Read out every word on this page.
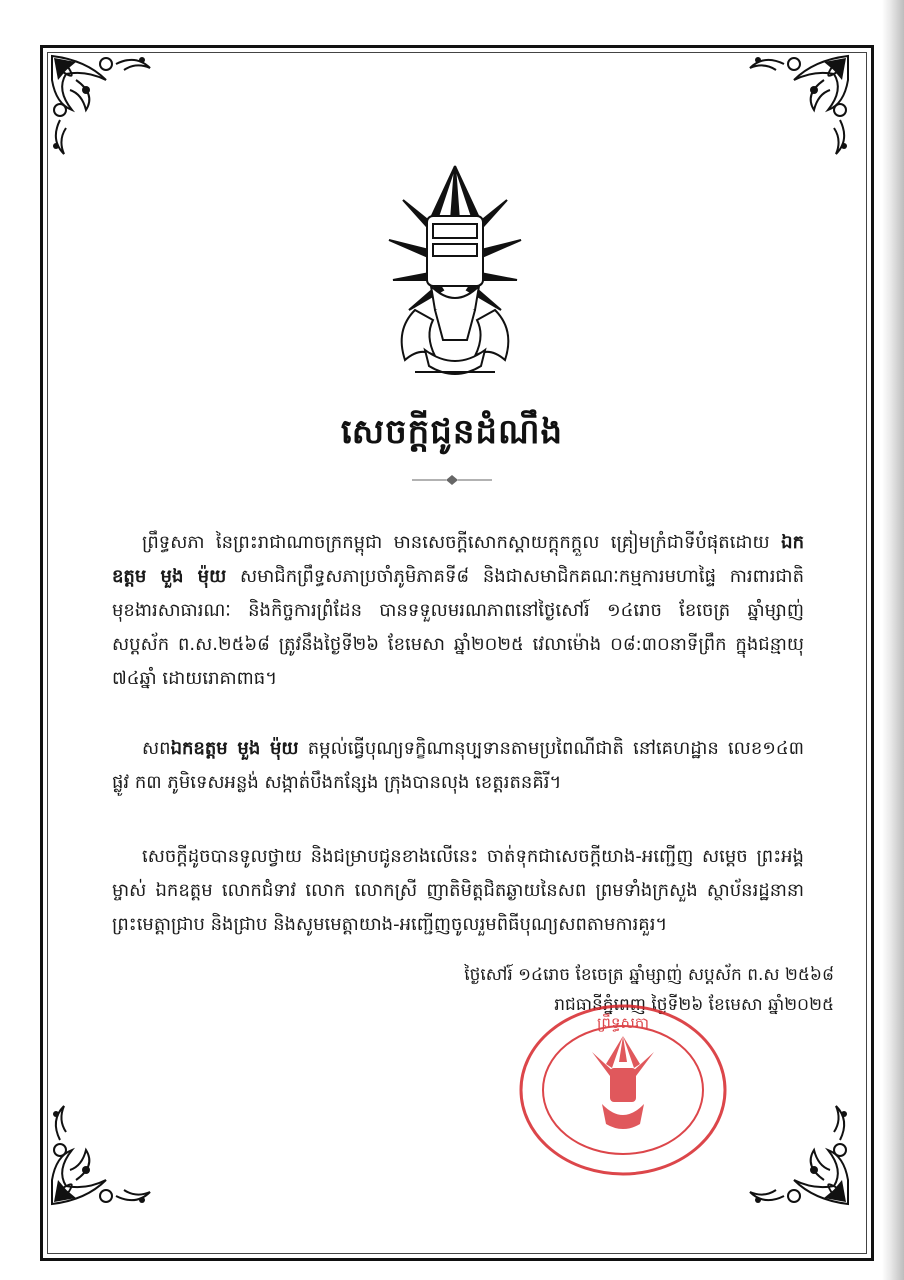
សេចក្តីជូនដំណឹង
ព្រឹទ្ធសភា នៃព្រះរាជាណាចក្រកម្ពុជា មានសេចក្តីសោកស្តាយក្តុកក្តួល គ្រៀមក្រំជាទីបំផុតដោយ ឯកឧត្តម មួង ម៉ុយ សមាជិកព្រឹទ្ធសភាប្រចាំភូមិភាគទី៨ និងជាសមាជិកគណៈកម្មការមហាផ្ទៃ ការពារជាតិ មុខងារសាធារណៈ និងកិច្ចការព្រំដែន បានទទួលមរណភាពនៅថ្ងៃសៅរ៍ ១៤រោច ខែចេត្រ ឆ្នាំម្សាញ់ សប្តស័ក ព.ស.២៥៦៨ ត្រូវនឹងថ្ងៃទី២៦ ខែមេសា ឆ្នាំ២០២៥ វេលាម៉ោង ០៨:៣០នាទីព្រឹក ក្នុងជន្មាយុ ៧៤ឆ្នាំ ដោយរោគាពាធ។
សពឯកឧត្តម មួង ម៉ុយ តម្កល់ធ្វើបុណ្យទក្ខិណានុប្បទានតាមប្រពៃណីជាតិ នៅគេហដ្ឋាន លេខ១៤៣ ផ្លូវ ក៣ ភូមិទេសអន្លង់ សង្កាត់បឹងកន្សែង ក្រុងបានលុង ខេត្តរតនគិរី។
សេចក្តីដូចបានទូលថ្វាយ និងជម្រាបជូនខាងលើនេះ ចាត់ទុកជាសេចក្តីយាង-អញ្ជើញ សម្តេច ព្រះអង្គម្ចាស់ ឯកឧត្តម លោកជំទាវ លោក លោកស្រី ញាតិមិត្តជិតឆ្ងាយនៃសព ព្រមទាំងក្រសួង ស្ថាប័នរដ្ឋនានា ព្រះមេត្តាជ្រាប និងជ្រាប និងសូមមេត្តាយាង-អញ្ជើញចូលរួមពិធីបុណ្យសពតាមការគួរ។
ថ្ងៃសៅរ៍ ១៤រោច ខែចេត្រ ឆ្នាំម្សាញ់ សប្តស័ក ព.ស ២៥៦៨
រាជធានីភ្នំពេញ ថ្ងៃទី២៦ ខែមេសា ឆ្នាំ២០២៥
ព្រឹទ្ធសភា
